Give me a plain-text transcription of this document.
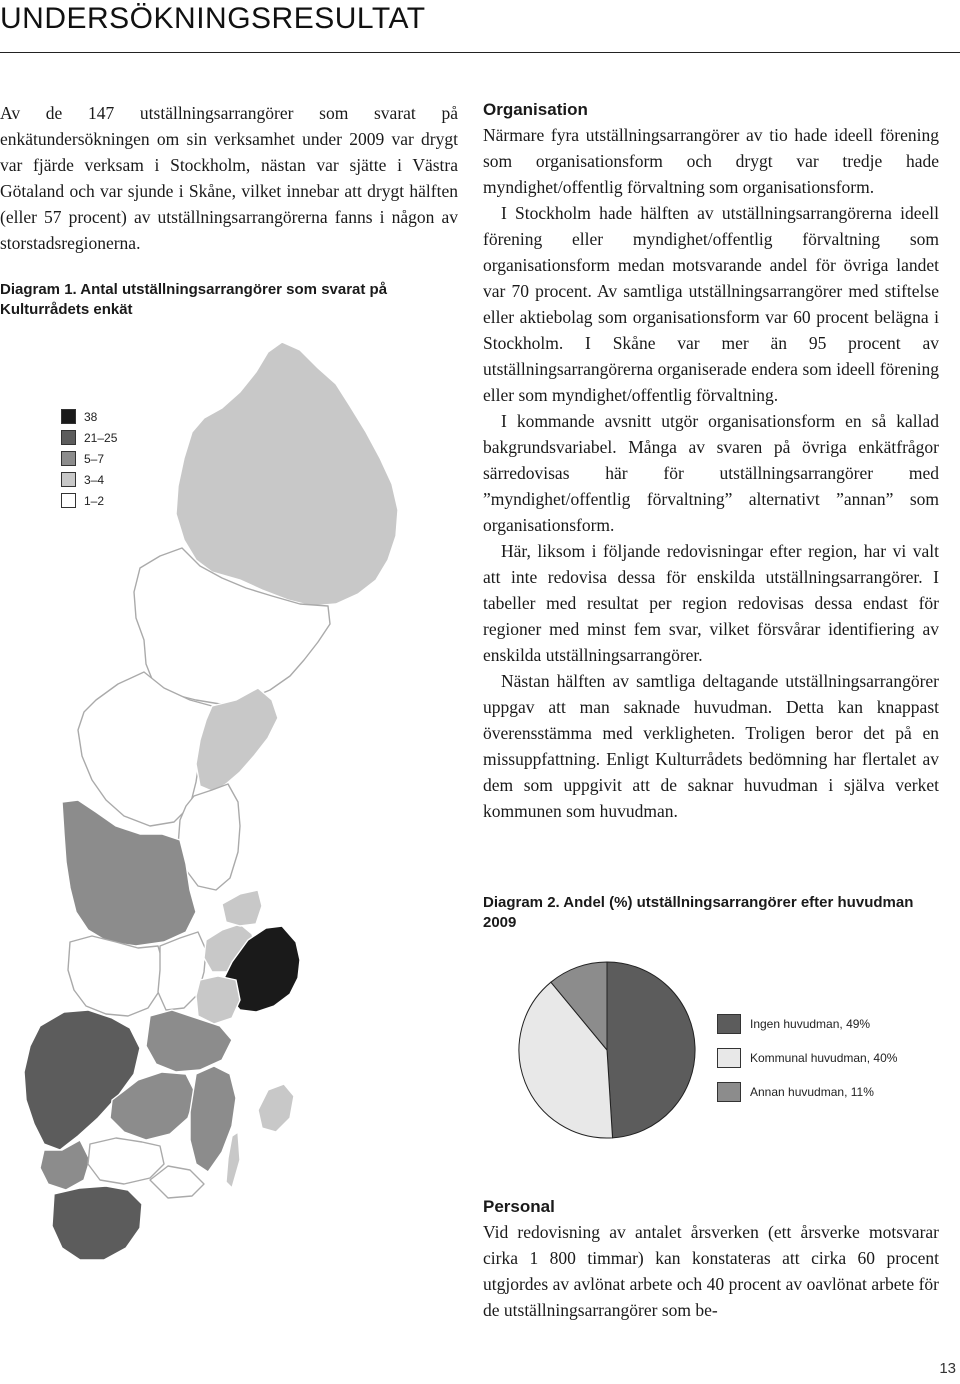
UNDERSÖKNINGSRESULTAT

Av de 147 utställningsarrangörer som svarat på enkätundersökningen om sin verksamhet under 2009 var drygt var fjärde verksam i Stockholm, nästan var sjätte i Västra Götaland och var sjunde i Skåne, vilket innebar att drygt hälften (eller 57 procent) av utställningsarrangörerna fanns i någon av storstadsregionerna.

Diagram 1. Antal utställningsarrangörer som svarat på Kulturrådets enkät

38
21–25
5–7
3–4
1–2
Organisation

Närmare fyra utställningsarrangörer av tio hade ideell förening som organisationsform och drygt var tredje hade myndighet/offentlig förvaltning som organisationsform.

I Stockholm hade hälften av utställningsarrangörerna ideell förening eller myndighet/offentlig förvaltning som organisationsform medan motsvarande andel för övriga landet var 70 procent. Av samtliga utställningsarrangörer med stiftelse eller aktiebolag som organisationsform var 60 procent belägna i Stockholm. I Skåne var mer än 95 procent av utställningsarrangörerna organiserade endera som ideell förening eller som myndighet/offentlig förvaltning.

I kommande avsnitt utgör organisationsform en så kallad bakgrundsvariabel. Många av svaren på övriga enkätfrågor särredovisas här för utställningsarrangörer med ”myndighet/offentlig förvaltning” alternativt ”annan” som organisationsform.

Här, liksom i följande redovisningar efter region, har vi valt att inte redovisa dessa för enskilda utställningsarrangörer. I tabeller med resultat per region redovisas dessa endast för regioner med minst fem svar, vilket försvårar identifiering av enskilda utställningsarrangörer.

Nästan hälften av samtliga deltagande utställningsarrangörer uppgav att man saknade huvudman. Detta kan knappast överensstämma med verkligheten. Troligen beror det på en missuppfattning. Enligt Kulturrådets bedömning har flertalet av dem som uppgivit att de saknar huvudman i själva verket kommunen som huvudman.

Diagram 2. Andel (%) utställningsarrangörer efter huvudman 2009

Ingen huvudman, 49%
Kommunal huvudman, 40%
Annan huvudman, 11%
Personal

Vid redovisning av antalet årsverken (ett årsverke motsvarar cirka 1 800 timmar) kan konstateras att cirka 60 procent utgjordes av avlönat arbete och 40 procent av oavlönat arbete för de utställningsarrangörer som be-

13
